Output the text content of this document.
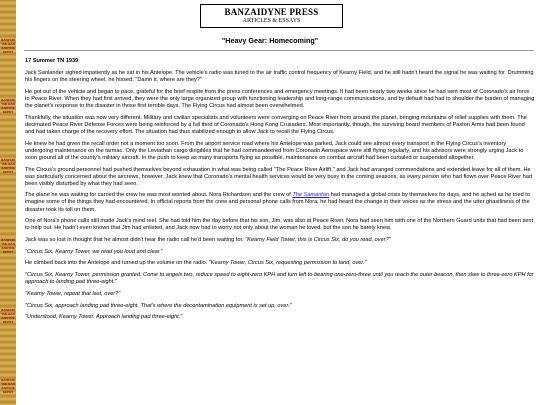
BANZAIDYNE BANZAIDYNE DEPOT
BANZAIDYNE BANZAIDYNE DEPOT
BANZAIDYNE BANZAIDYNE DEPOT
BANZAIDYNE BANZAIDYNE DEPOT
BANZAIDYNE BANZAIDYNE DEPOT
BANZAIDYNE BANZAIDYNE DEPOT
BANZAIDYNE PRESS
ARTICLES & ESSAYS
"Heavy Gear: Homecoming"

17 Summer TN 1939

Jack Sanlander sighed impatiently as he sat in his Antelope. The vehicle's radio was tuned to the air traffic control frequency of Kearny Field, and he still hadn't heard the signal he was waiting for. Drumming his fingers on the steering wheel, he hissed, "Damn it, where are they?"

He got out of the vehicle and began to pace, grateful for the brief respite from the press conferences and emergency meetings. It had been nearly two weeks since he had sent most of Coronado's air force to Peace River. When they had first arrived, they were the only large organized group with functioning leadership and long-range communications, and by default had had to shoulder the burden of managing the planet's response to the disaster in those first terrible days. The Flying Circus had almost been overwhelmed.

Thankfully, the situation was now very different. Military and civilian specialists and volunteers were converging on Peace River from around the planet, bringing mountains of relief supplies with them. The decimated Peace River Defense Forces were being reinforced by a full third of Coronado's Hong Kong Crusaders. Most importantly, though, the surviving board members of Paxton Arms had been found and had taken charge of the recovery effort. The situation had thus stabilized enough to allow Jack to recall the Flying Circus.

He knew he had given the recall order not a moment too soon. From the airport service road where his Antelope was parked, Jack could see almost every transport in the Flying Circus's inventory undergoing maintenance on the tarmac. Only the Leviathan cargo dirigibles that he had commandeered from Coronado Aerospace were still flying regularly, and his advisors were strongly urging Jack to soon ground all of the county's military aircraft. In the push to keep as many transports flying as possible, maintenance on combat aircraft had been curtailed or suspended altogether.

The Circus's ground personnel had pushed themselves beyond exhaustion in what was being called "The Peace River Airlift," and Jack had arranged commendations and extended leave for all of them. He was particularly concerned about the aircrews, however. Jack knew that Coronado's mental health services would be very busy in the coming seasons, as every person who had flown over Peace River had been visibly disturbed by what they had seen.

The plane he was waiting for carried the crew he was most worried about. Nora Richardson and the crew of The Samaritan had managed a global crisis by themselves for days, and he ached as he tried to imagine some of the things they had encountered. In official reports from the crew and personal phone calls from Nora, he had heard the change in their voices as the stress and the utter ghastliness of the disaster took its toll on them.

One of Nora's phone calls still made Jack's mind reel. She had told him the day before that his son, Jim, was also at Peace River. Nora had seen him with one of the Northern Guard units that had been sent to help out. He hadn't even known that Jim had enlisted, and Jack now had to worry not only about the woman he loved, but the son he barely knew.

Jack was so lost in thought that he almost didn't hear the radio call he'd been waiting for. "Kearny Field Tower, this is Circus Six, do you read, over?"

"Circus Six, Kearny Tower, we read you loud and clear."

He climbed back into the Antelope and turned up the volume on the radio. "Kearny Tower, Circus Six, requesting permission to land, over."

"Circus Six, Kearny Tower, permission granted. Come to angels two, reduce speed to eight-zero KPH and turn left to bearing one-zero-three until you reach the outer beacon, then slow to three-zero KPH for approach to landing pad three-eight."

"Kearny Tower, repeat that last, over?"

"Circus Six, approach landing pad three-eight. That's where the decontamination equipment is set up, over."

"Understood, Kearny Tower. Approach landing pad three-eight."
